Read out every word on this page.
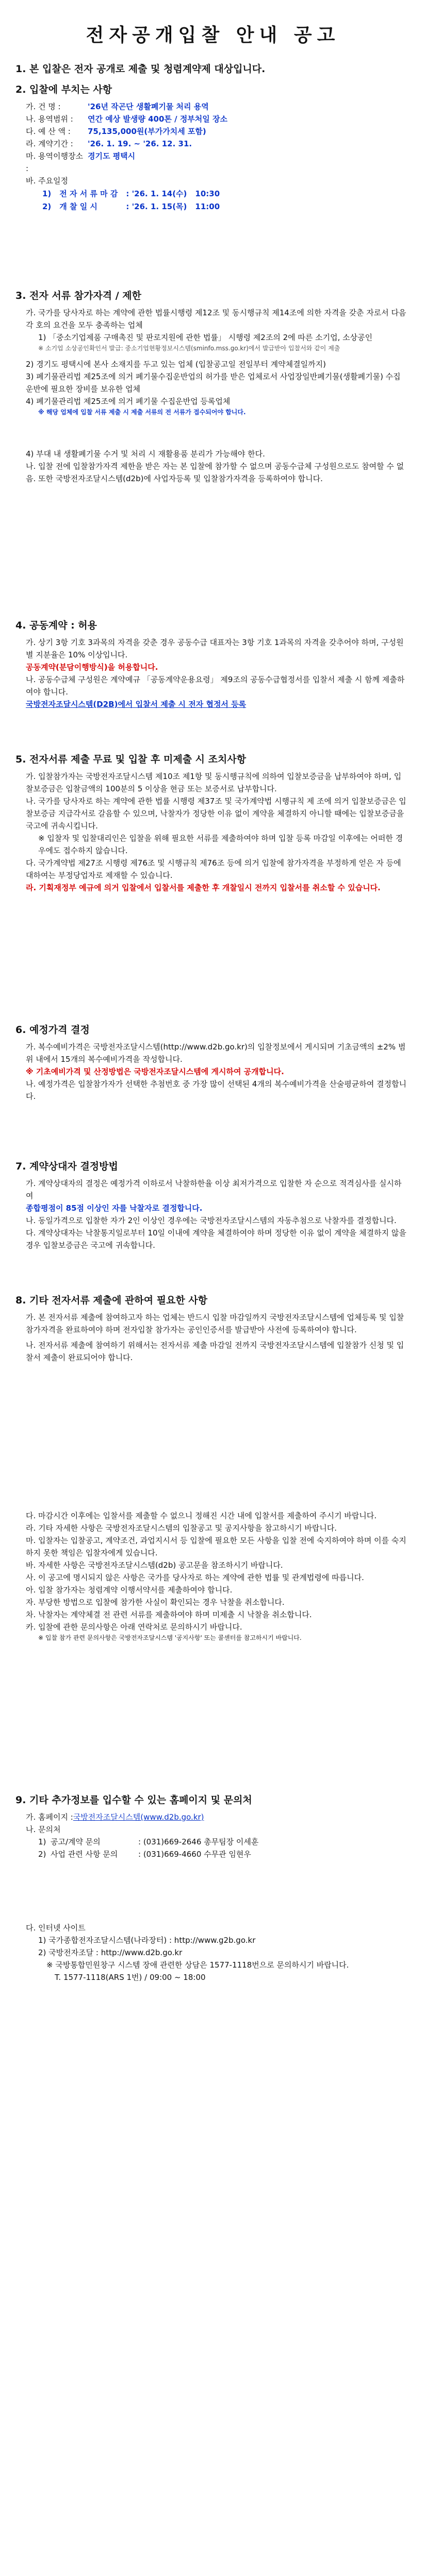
전자공개입찰 안내 공고
1. 본 입찰은 전자 공개로 제출 및 청렴계약제 대상입니다.
2. 입찰에 부치는 사항
가. 건 명 :	'26년 작곤단 생활폐기물 처리 용역
나. 용역범위 :	연간 예상 발생량 400톤 / 정부처일 장소
다. 예 산 액 :	75,135,000원(부가가치세 포함)
라. 계약기간 :	'26. 1. 19. ~ '26. 12. 31.
마. 용역이행장소 :
경기도 평택시
바. 주요일정
1)	전 자 서 류 마 감	: '26. 1. 14(수)	10:30
2)	개 찰 일 시	: '26. 1. 15(목)	11:00
3. 전자 서류 참가자격 / 제한

가. 국가를 당사자로 하는 계약에 관한 법률시행령 제12조 및 동시행규칙 제14조에 의한 자격을 갖춘 자로서 다음 각 호의 요건을 모두 충족하는 업체

1) 「중소기업제품 구매촉진 및 판로지원에 관한 법률」 시행령 제2조의 2에 따른 소기업, 소상공인

※ 소기업 소상공인확인서 발급: 중소기업현황정보시스템(sminfo.mss.go.kr)에서 발급받아 입찰서와 같이 제출

2) 경기도 평택시에 본사 소재지를 두고 있는 업체 (입찰공고일 전일부터 계약체결일까지)

3) 폐기물관리법 제25조에 의거 폐기물수집운반업의 허가를 받은 업체로서 사업장일반폐기물(생활폐기물) 수집운반에 필요한 장비를 보유한 업체

4) 폐기물관리법 제25조에 의거 폐기물 수집운반업 등록업체

※ 해당 업체에 입찰 서류 제출 시 제출 서류의 전 서류가 접수되어야 합니다.

4) 부대 내 생활폐기물 수거 및 처리 시 재활용품 분리가 가능해야 한다.

나. 입찰 전에 입찰참가자격 제한을 받은 자는 본 입찰에 참가할 수 없으며 공동수급체 구성원으로도 참여할 수 없음. 또한 국방전자조달시스템(d2b)에 사업자등록 및 입찰참가자격을 등록하여야 합니다.

4. 공동계약 : 허용

가. 상기 3항 기호 3과목의 자격을 갖춘 경우 공동수급 대표자는 3항 기호 1과목의 자격을 갖추어야 하며, 구성원별 지분율은 10% 이상입니다.

공동계약(분담이행방식)을 허용합니다.

나. 공동수급체 구성원은 계약예규 「공동계약운용요령」 제9조의 공동수급협정서를 입찰서 제출 시 함께 제출하여야 합니다.

국방전자조달시스템(D2B)에서 입찰서 제출 시 전자 협정서 등록

5. 전자서류 제출 무료 및 입찰 후 미제출 시 조치사항

가. 입찰참가자는 국방전자조달시스템 제10조 제1항 및 동시행규칙에 의하여 입찰보증금을 납부하여야 하며, 입찰보증금은 입찰금액의 100분의 5 이상을 현금 또는 보증서로 납부합니다.

나. 국가를 당사자로 하는 계약에 관한 법률 시행령 제37조 및 국가계약법 시행규칙 제 조에 의거 입찰보증금은 입찰보증금 지급각서로 갈음할 수 있으며, 낙찰자가 정당한 이유 없이 계약을 체결하지 아니할 때에는 입찰보증금을 국고에 귀속시킵니다.

※ 입찰자 및 입찰대리인은 입찰을 위해 필요한 서류를 제출하여야 하며 입찰 등록 마감일 이후에는 어떠한 경우에도 접수하지 않습니다.

다. 국가계약법 제27조 시행령 제76조 및 시행규칙 제76조 등에 의거 입찰에 참가자격을 부정하게 얻은 자 등에 대하여는 부정당업자로 제재할 수 있습니다.

라. 기획재정부 예규에 의거 입찰에서 입찰서를 제출한 후 개찰일시 전까지 입찰서를 취소할 수 있습니다.

6. 예정가격 결정

가. 복수예비가격은 국방전자조달시스템(http://www.d2b.go.kr)의 입찰정보에서 게시되며 기초금액의 ±2% 범위 내에서 15개의 복수예비가격을 작성합니다.

※ 기초예비가격 및 산정방법은 국방전자조달시스템에 게시하여 공개합니다.

나. 예정가격은 입찰참가자가 선택한 추첨번호 중 가장 많이 선택된 4개의 복수예비가격을 산술평균하여 결정합니다.

7. 계약상대자 결정방법

가. 계약상대자의 결정은 예정가격 이하로서 낙찰하한율 이상 최저가격으로 입찰한 자 순으로 적격심사를 실시하여

종합평점이 85점 이상인 자를 낙찰자로 결정합니다.

나. 동일가격으로 입찰한 자가 2인 이상인 경우에는 국방전자조달시스템의 자동추첨으로 낙찰자를 결정합니다.

다. 계약상대자는 낙찰통지일로부터 10일 이내에 계약을 체결하여야 하며 정당한 이유 없이 계약을 체결하지 않을 경우 입찰보증금은 국고에 귀속합니다.

8. 기타 전자서류 제출에 관하여 필요한 사항

가. 본 전자서류 제출에 참여하고자 하는 업체는 반드시 입찰 마감일까지 국방전자조달시스템에 업체등록 및 입찰참가자격을 완료하여야 하며 전자입찰 참가자는 공인인증서를 발급받아 사전에 등록하여야 합니다.

나. 전자서류 제출에 참여하기 위해서는 전자서류 제출 마감일 전까지 국방전자조달시스템에 입찰참가 신청 및 입찰서 제출이 완료되어야 합니다.

다. 마감시간 이후에는 입찰서를 제출할 수 없으니 정해진 시간 내에 입찰서를 제출하여 주시기 바랍니다.

라. 기타 자세한 사항은 국방전자조달시스템의 입찰공고 및 공지사항을 참고하시기 바랍니다.

마. 입찰자는 입찰공고, 계약조건, 과업지시서 등 입찰에 필요한 모든 사항을 입찰 전에 숙지하여야 하며 이를 숙지하지 못한 책임은 입찰자에게 있습니다.

바. 자세한 사항은 국방전자조달시스템(d2b) 공고문을 참조하시기 바랍니다.

사. 이 공고에 명시되지 않은 사항은 국가를 당사자로 하는 계약에 관한 법률 및 관계법령에 따릅니다.

아. 입찰 참가자는 청렴계약 이행서약서를 제출하여야 합니다.

자. 부당한 방법으로 입찰에 참가한 사실이 확인되는 경우 낙찰을 취소합니다.

차. 낙찰자는 계약체결 전 관련 서류를 제출하여야 하며 미제출 시 낙찰을 취소합니다.

카. 입찰에 관한 문의사항은 아래 연락처로 문의하시기 바랍니다.

※ 입찰 참가 관련 문의사항은 국방전자조달시스템 '공지사항' 또는 콜센터를 참고하시기 바랍니다.

9. 기타 추가정보를 입수할 수 있는 홈페이지 및 문의처
가. 홈페이지 : 국방전자조달시스템(www.d2b.go.kr)
나. 문의처
1) 공고/계약 문의	: (031)669-2646 총무팀장 이세훈
2) 사업 관련 사항 문의	: (031)669-4660 수무관 임현우

다. 인터넷 사이트

1) 국가종합전자조달시스템(나라장터) : http://www.g2b.go.kr

2) 국방전자조달 : http://www.d2b.go.kr

※ 국방통합민원창구 시스템 장애 관련한 상담은 1577-1118번으로 문의하시기 바랍니다.

T. 1577-1118(ARS 1번) / 09:00 ~ 18:00
